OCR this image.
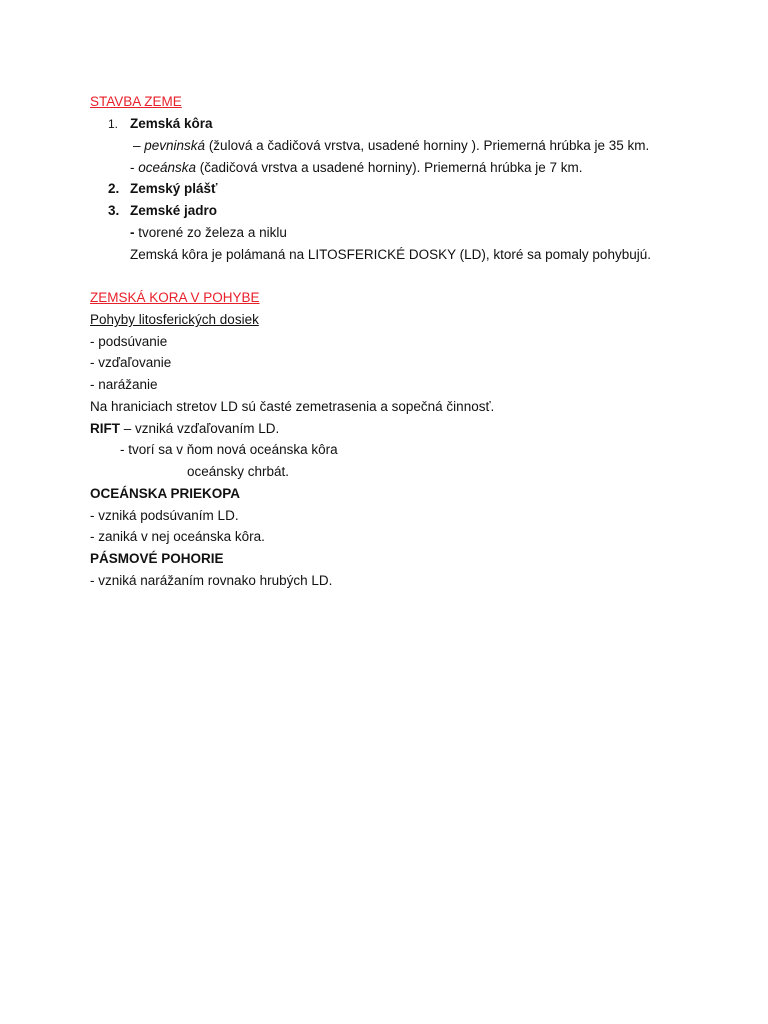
STAVBA ZEME
1. Zemská kôra
– pevninská (žulová a čadičová vrstva, usadené horniny ). Priemerná hrúbka je 35 km.
- oceánska (čadičová vrstva a usadené horniny). Priemerná hrúbka je 7 km.
2. Zemský plášť
3. Zemské jadro
- tvorené zo železa a niklu
Zemská kôra je polámaná na LITOSFERICKÉ DOSKY (LD), ktoré sa pomaly pohybujú.
ZEMSKÁ KORA V POHYBE
Pohyby litosferických dosiek
- podsúvanie
- vzďaľovanie
- narážanie
Na hraniciach stretov LD sú časté zemetrasenia a sopečná činnosť.
RIFT – vzniká vzďaľovaním LD.
- tvorí sa v ňom nová oceánska kôra
oceánsky chrbát.
OCEÁNSKA PRIEKOPA
- vzniká podsúvaním LD.
- zaniká v nej oceánska kôra.
PÁSMOVÉ POHORIE
- vzniká narážaním rovnako hrubých LD.
